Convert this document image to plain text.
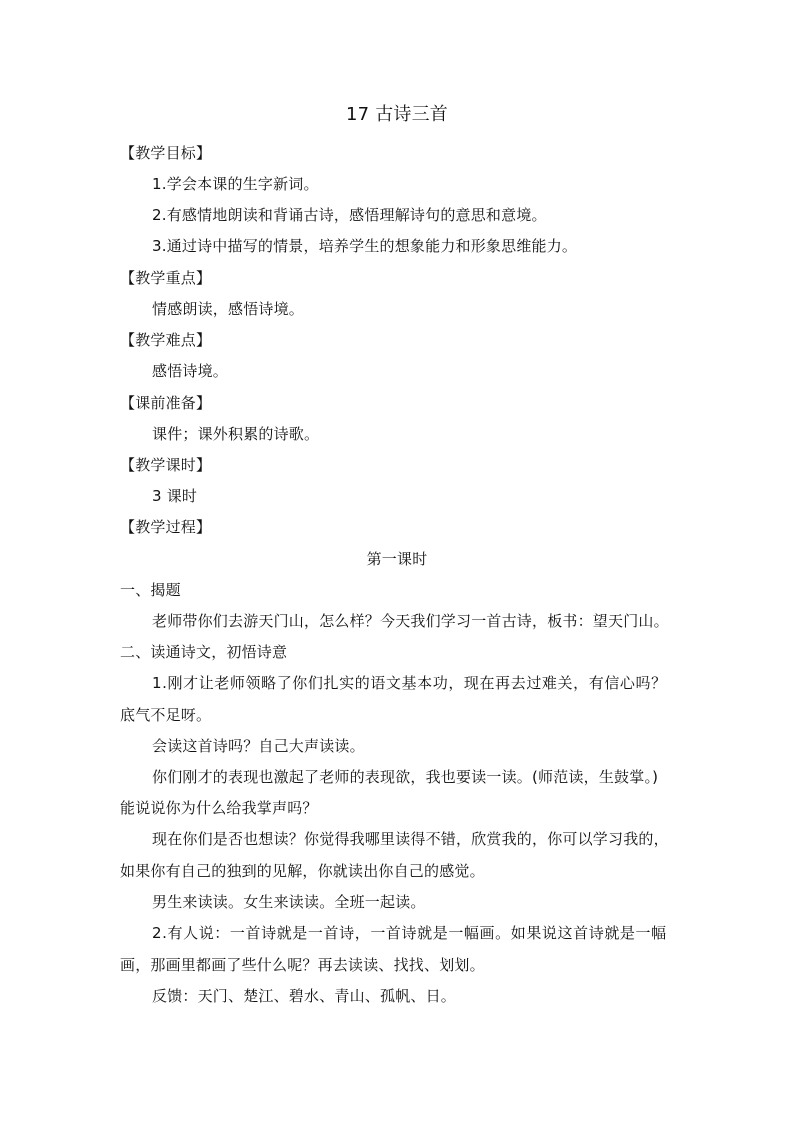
17 古诗三首
【教学目标】
1.学会本课的生字新词。
2.有感情地朗读和背诵古诗，感悟理解诗句的意思和意境。
3.通过诗中描写的情景，培养学生的想象能力和形象思维能力。
【教学重点】
情感朗读，感悟诗境。
【教学难点】
感悟诗境。
【课前准备】
课件；课外积累的诗歌。
【教学课时】
3 课时
【教学过程】
第一课时
一、揭题
老师带你们去游天门山，怎么样？今天我们学习一首古诗，板书：望天门山。
二、读通诗文，初悟诗意
1.刚才让老师领略了你们扎实的语文基本功，现在再去过难关，有信心吗？
底气不足呀。
会读这首诗吗？自己大声读读。
你们刚才的表现也激起了老师的表现欲，我也要读一读。(师范读，生鼓掌。)
能说说你为什么给我掌声吗？
现在你们是否也想读？你觉得我哪里读得不错，欣赏我的，你可以学习我的，
如果你有自己的独到的见解，你就读出你自己的感觉。
男生来读读。女生来读读。全班一起读。
2.有人说：一首诗就是一首诗，一首诗就是一幅画。如果说这首诗就是一幅
画，那画里都画了些什么呢？再去读读、找找、划划。
反馈：天门、楚江、碧水、青山、孤帆、日。
